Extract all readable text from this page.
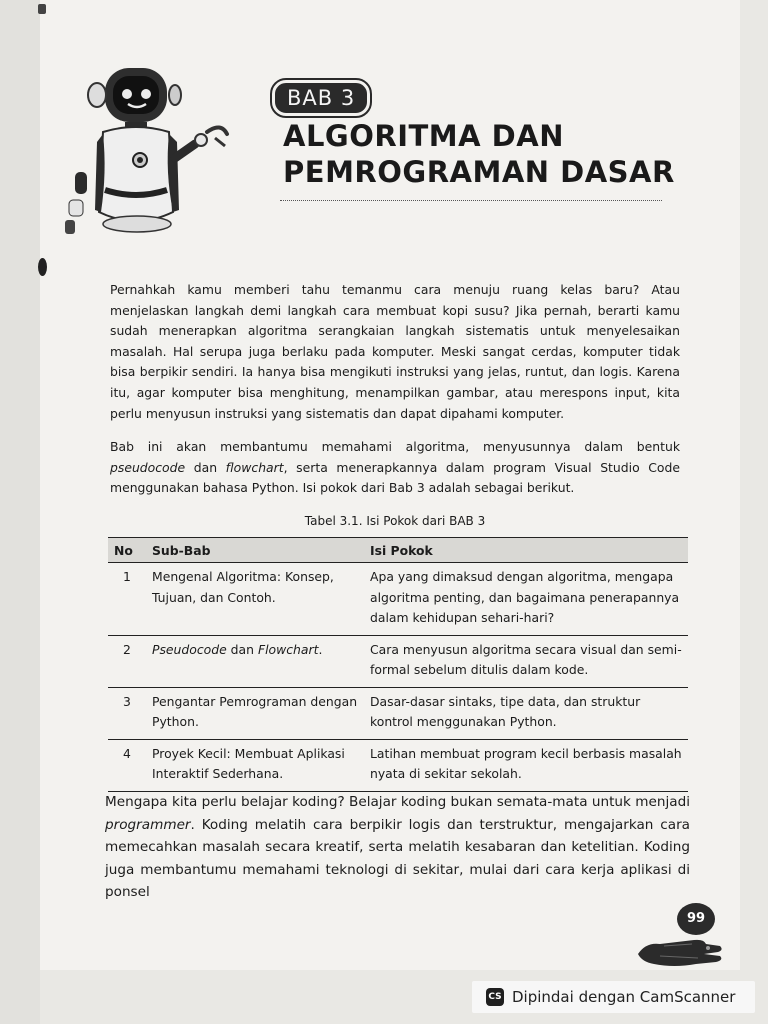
BAB 3
ALGORITMA DAN PEMROGRAMAN DASAR

Pernahkah kamu memberi tahu temanmu cara menuju ruang kelas baru? Atau menjelaskan langkah demi langkah cara membuat kopi susu? Jika pernah, berarti kamu sudah menerapkan algoritma serangkaian langkah sistematis untuk menyelesaikan masalah. Hal serupa juga berlaku pada komputer. Meski sangat cerdas, komputer tidak bisa berpikir sendiri. Ia hanya bisa mengikuti instruksi yang jelas, runtut, dan logis. Karena itu, agar komputer bisa menghitung, menampilkan gambar, atau merespons input, kita perlu menyusun instruksi yang sistematis dan dapat dipahami komputer.

Bab ini akan membantumu memahami algoritma, menyusunnya dalam bentuk pseudocode dan flowchart, serta menerapkannya dalam program Visual Studio Code menggunakan bahasa Python. Isi pokok dari Bab 3 adalah sebagai berikut.

Tabel 3.1. Isi Pokok dari BAB 3
No	Sub-Bab	Isi Pokok
1	Mengenal Algoritma: Konsep, Tujuan, dan Contoh.	Apa yang dimaksud dengan algoritma, mengapa algoritma penting, dan bagaimana penerapannya dalam kehidupan sehari-hari?
2	Pseudocode dan Flowchart.	Cara menyusun algoritma secara visual dan semi-formal sebelum ditulis dalam kode.
3	Pengantar Pemrograman dengan Python.	Dasar-dasar sintaks, tipe data, dan struktur kontrol menggunakan Python.
4	Proyek Kecil: Membuat Aplikasi Interaktif Sederhana.	Latihan membuat program kecil berbasis masalah nyata di sekitar sekolah.

Mengapa kita perlu belajar koding? Belajar koding bukan semata-mata untuk menjadi programmer. Koding melatih cara berpikir logis dan terstruktur, mengajarkan cara memecahkan masalah secara kreatif, serta melatih kesabaran dan ketelitian. Koding juga membantumu memahami teknologi di sekitar, mulai dari cara kerja aplikasi di ponsel

99
CS Dipindai dengan CamScanner
